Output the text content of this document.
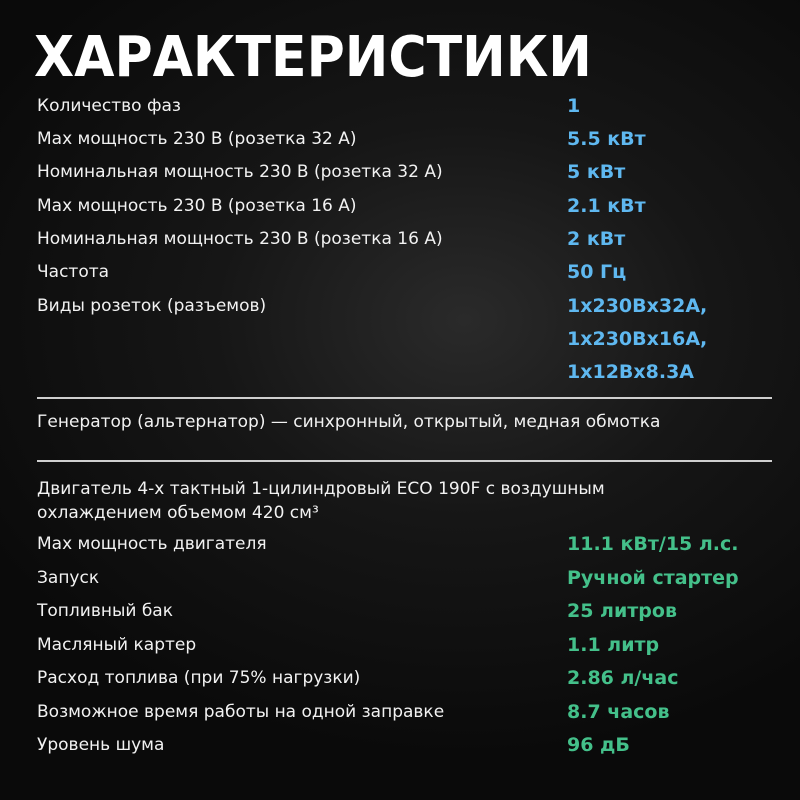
ХАРАКТЕРИСТИКИ
Количество фаз	1
Max мощность 230 В (розетка 32 А)	5.5 кВт
Номинальная мощность 230 В (розетка 32 А)	5 кВт
Max мощность 230 В (розетка 16 А)	2.1 кВт
Номинальная мощность 230 В (розетка 16 А)	2 кВт
Частота	50 Гц
Виды розеток (разъемов)	1x230Вx32А,
1x230Вx16А,
1x12Вx8.3А
Генератор (альтернатор) — синхронный, открытый, медная обмотка
Двигатель 4-х тактный 1-цилиндровый ECO 190F с воздушным
охлаждением объемом 420 см³
Max мощность двигателя	11.1 кВт/15 л.с.
Запуск	Ручной стартер
Топливный бак	25 литров
Масляный картер	1.1 литр
Расход топлива (при 75% нагрузки)	2.86 л/час
Возможное время работы на одной заправке	8.7 часов
Уровень шума	96 дБ
